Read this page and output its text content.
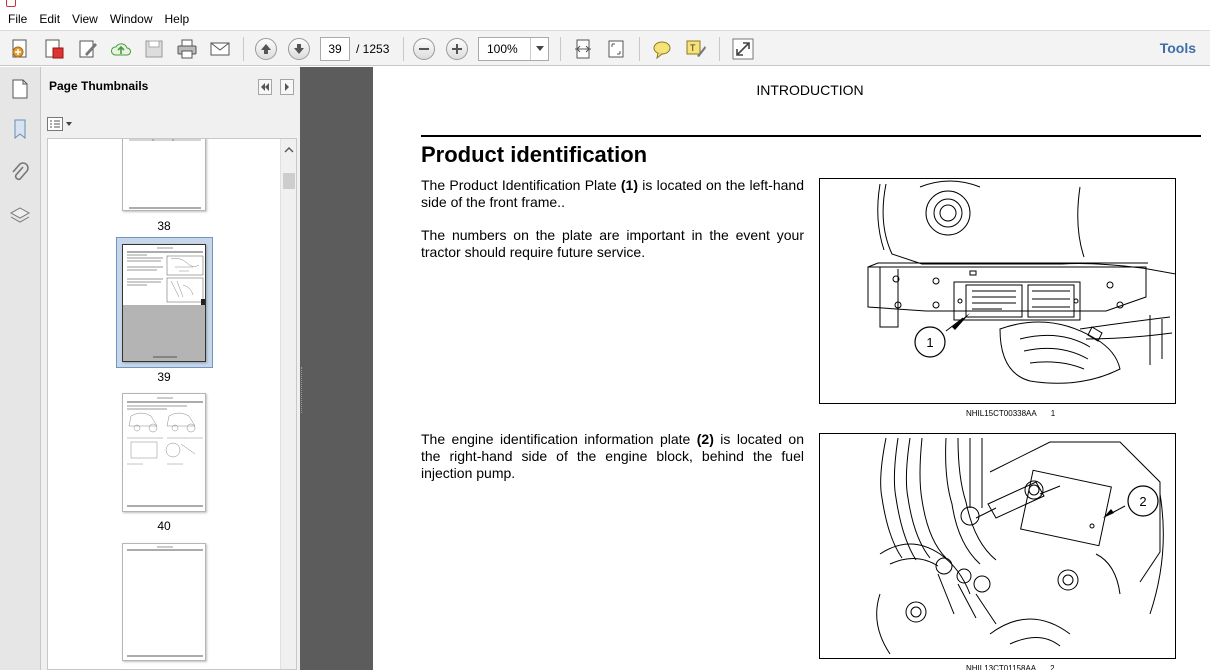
File	Edit	View	Window	Help
39
/ 1253	100%	T	Tools
Page Thumbnails
38
39
40
INTRODUCTION
Product identification

The Product Identification Plate (1) is located on the left-hand side of the front frame..

The numbers on the plate are important in the event your tractor should require future service.

The engine identification information plate (2) is located on the right-hand side of the engine block, behind the fuel injection pump.

1
NHIL15CT00338AA 1
2
NHIL13CT01158AA 2
